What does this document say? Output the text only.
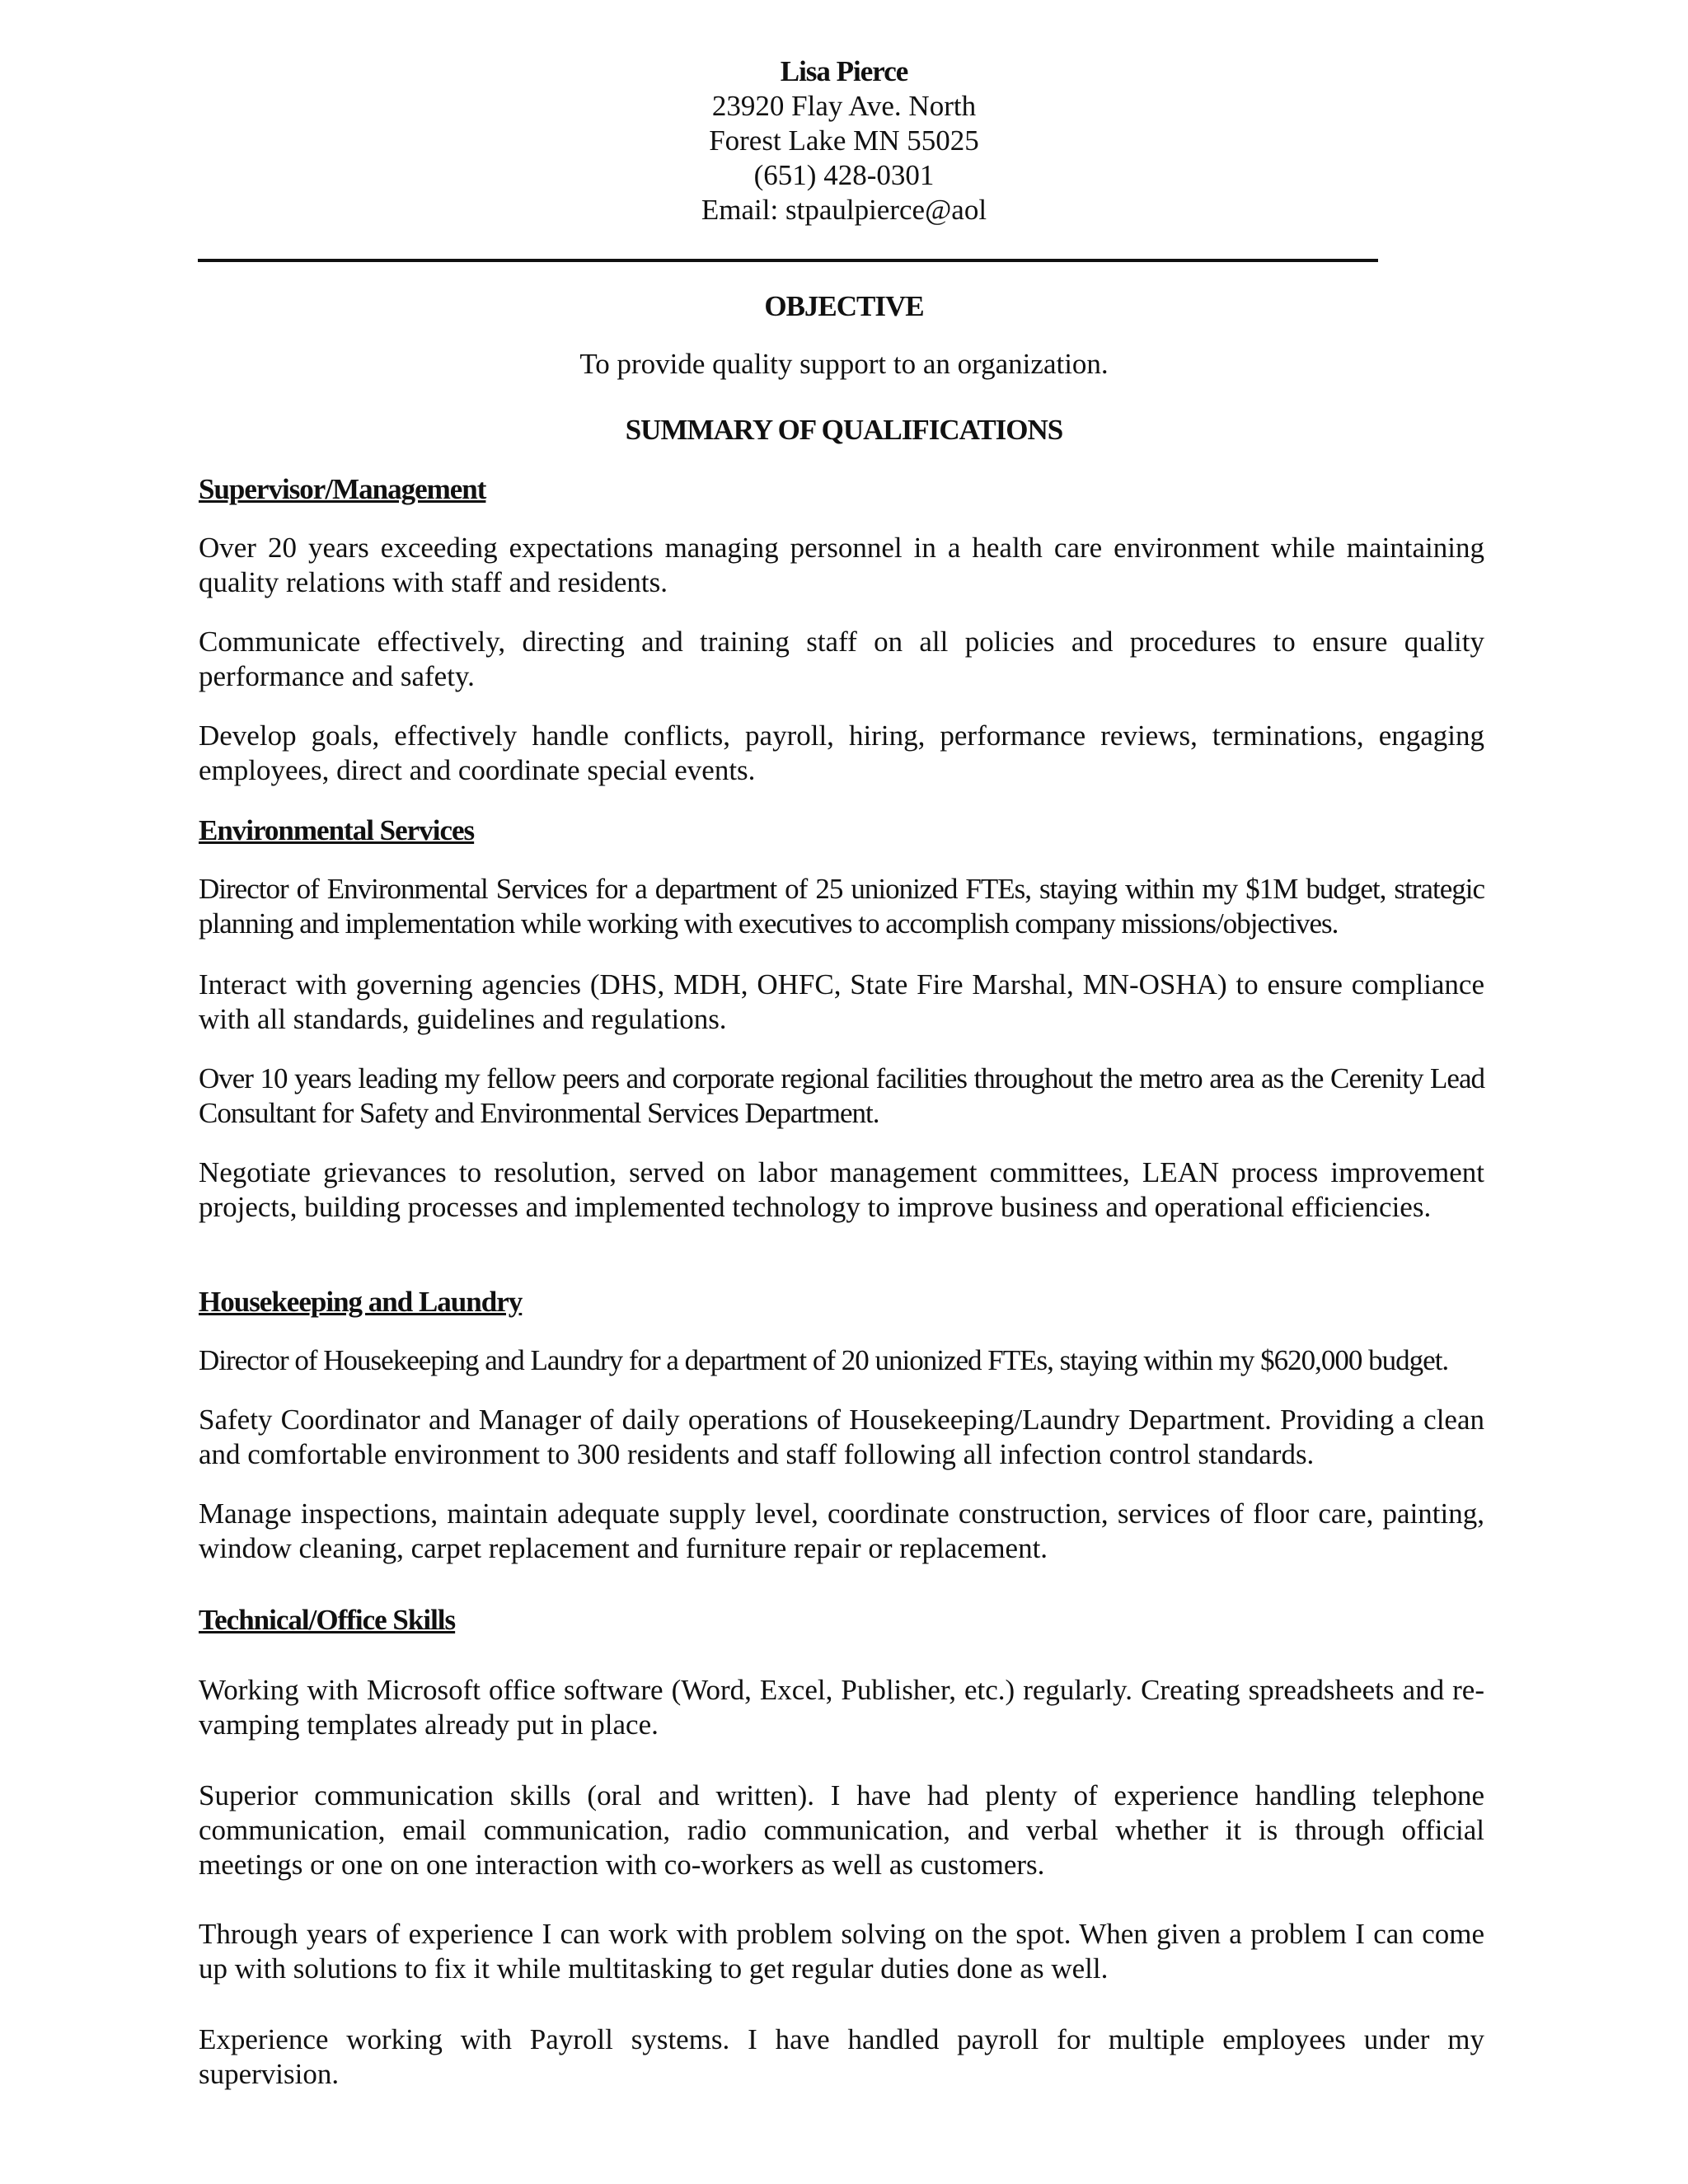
Lisa Pierce
23920 Flay Ave. North
Forest Lake MN 55025
(651) 428-0301
Email: stpaulpierce@aol
OBJECTIVE
To provide quality support to an organization.
SUMMARY OF QUALIFICATIONS
Supervisor/Management
Over 20 years exceeding expectations managing personnel in a health care environment while maintaining quality relations with staff and residents.
Communicate effectively, directing and training staff on all policies and procedures to ensure quality performance and safety.
Develop goals, effectively handle conflicts, payroll, hiring, performance reviews, terminations, engaging employees, direct and coordinate special events.
Environmental Services
Director of Environmental Services for a department of 25 unionized FTEs, staying within my $1M budget, strategic planning and implementation while working with executives to accomplish company missions/objectives.
Interact with governing agencies (DHS, MDH, OHFC, State Fire Marshal, MN-OSHA) to ensure compliance with all standards, guidelines and regulations.
Over 10 years leading my fellow peers and corporate regional facilities throughout the metro area as the Cerenity Lead Consultant for Safety and Environmental Services Department.
Negotiate grievances to resolution, served on labor management committees, LEAN process improvement projects, building processes and implemented technology to improve business and operational efficiencies.
Housekeeping and Laundry
Director of Housekeeping and Laundry for a department of 20 unionized FTEs, staying within my $620,000 budget.
Safety Coordinator and Manager of daily operations of Housekeeping/Laundry Department. Providing a clean and comfortable environment to 300 residents and staff following all infection control standards.
Manage inspections, maintain adequate supply level, coordinate construction, services of floor care, painting, window cleaning, carpet replacement and furniture repair or replacement.
Technical/Office Skills
Working with Microsoft office software (Word, Excel, Publisher, etc.) regularly. Creating spreadsheets and re-vamping templates already put in place.
Superior communication skills (oral and written). I have had plenty of experience handling telephone communication, email communication, radio communication, and verbal whether it is through official meetings or one on one interaction with co-workers as well as customers.
Through years of experience I can work with problem solving on the spot. When given a problem I can come up with solutions to fix it while multitasking to get regular duties done as well.
Experience working with Payroll systems. I have handled payroll for multiple employees under my supervision.
